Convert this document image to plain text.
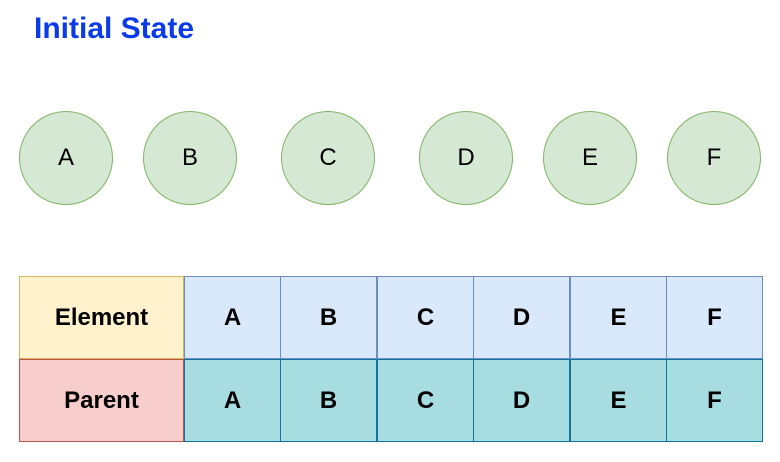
Initial State
A	B	C	D	E	F
Element	A	B	C	D	E	F
Parent	A	B	C	D	E	F
